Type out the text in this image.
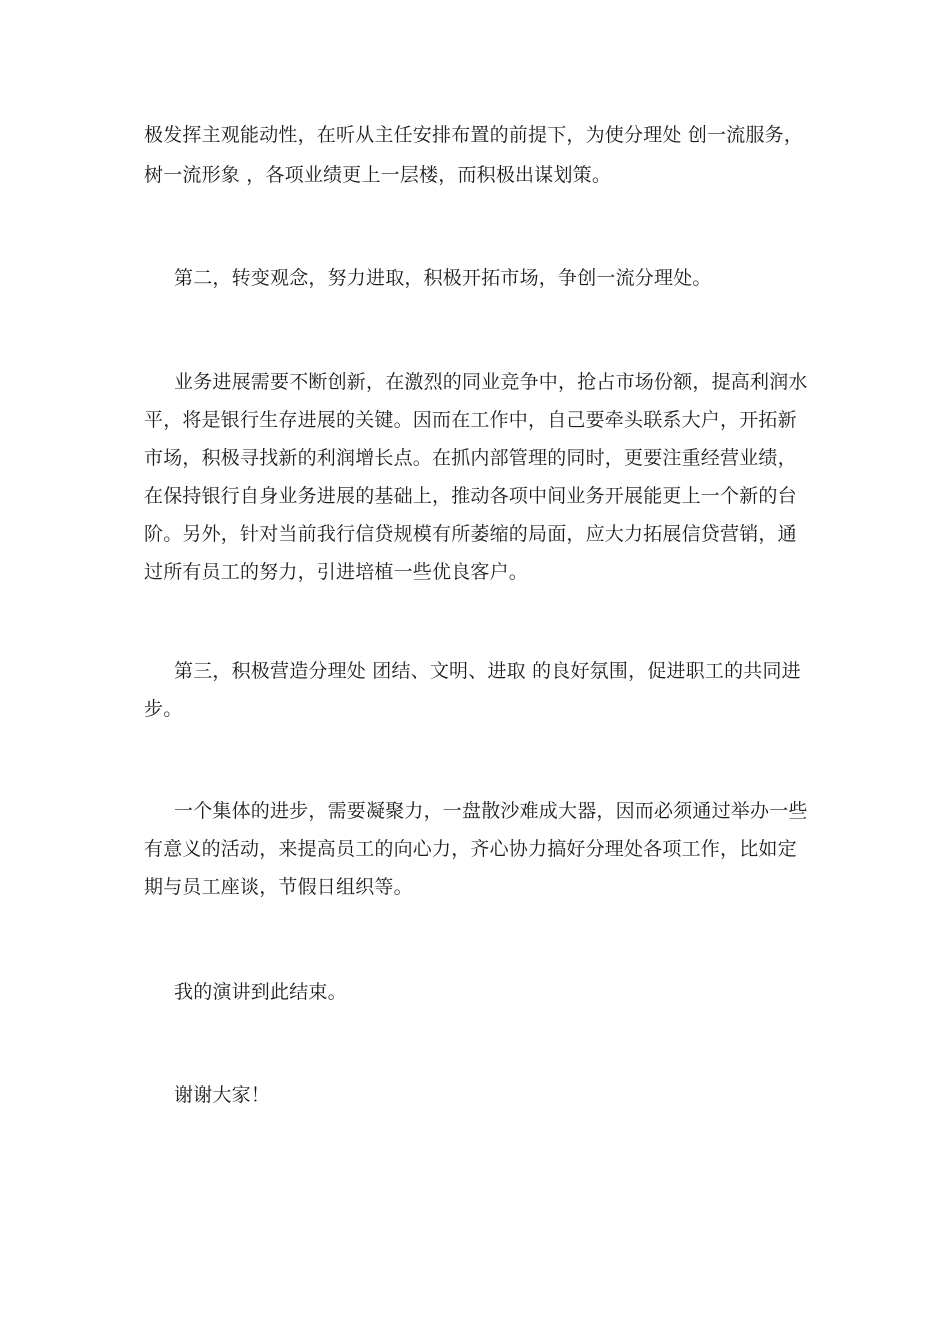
极发挥主观能动性，在听从主任安排布置的前提下，为使分理处 创一流服务，
树一流形象 ，各项业绩更上一层楼，而积极出谋划策。
第二，转变观念，努力进取，积极开拓市场，争创一流分理处。
业务进展需要不断创新，在激烈的同业竞争中，抢占市场份额，提高利润水
平，将是银行生存进展的关键。因而在工作中，自己要牵头联系大户，开拓新
市场，积极寻找新的利润增长点。在抓内部管理的同时，更要注重经营业绩，
在保持银行自身业务进展的基础上，推动各项中间业务开展能更上一个新的台
阶。另外，针对当前我行信贷规模有所萎缩的局面，应大力拓展信贷营销，通
过所有员工的努力，引进培植一些优良客户。
第三，积极营造分理处 团结、文明、进取 的良好氛围，促进职工的共同进
步。
一个集体的进步，需要凝聚力，一盘散沙难成大器，因而必须通过举办一些
有意义的活动，来提高员工的向心力，齐心协力搞好分理处各项工作，比如定
期与员工座谈，节假日组织等。
我的演讲到此结束。
谢谢大家！
